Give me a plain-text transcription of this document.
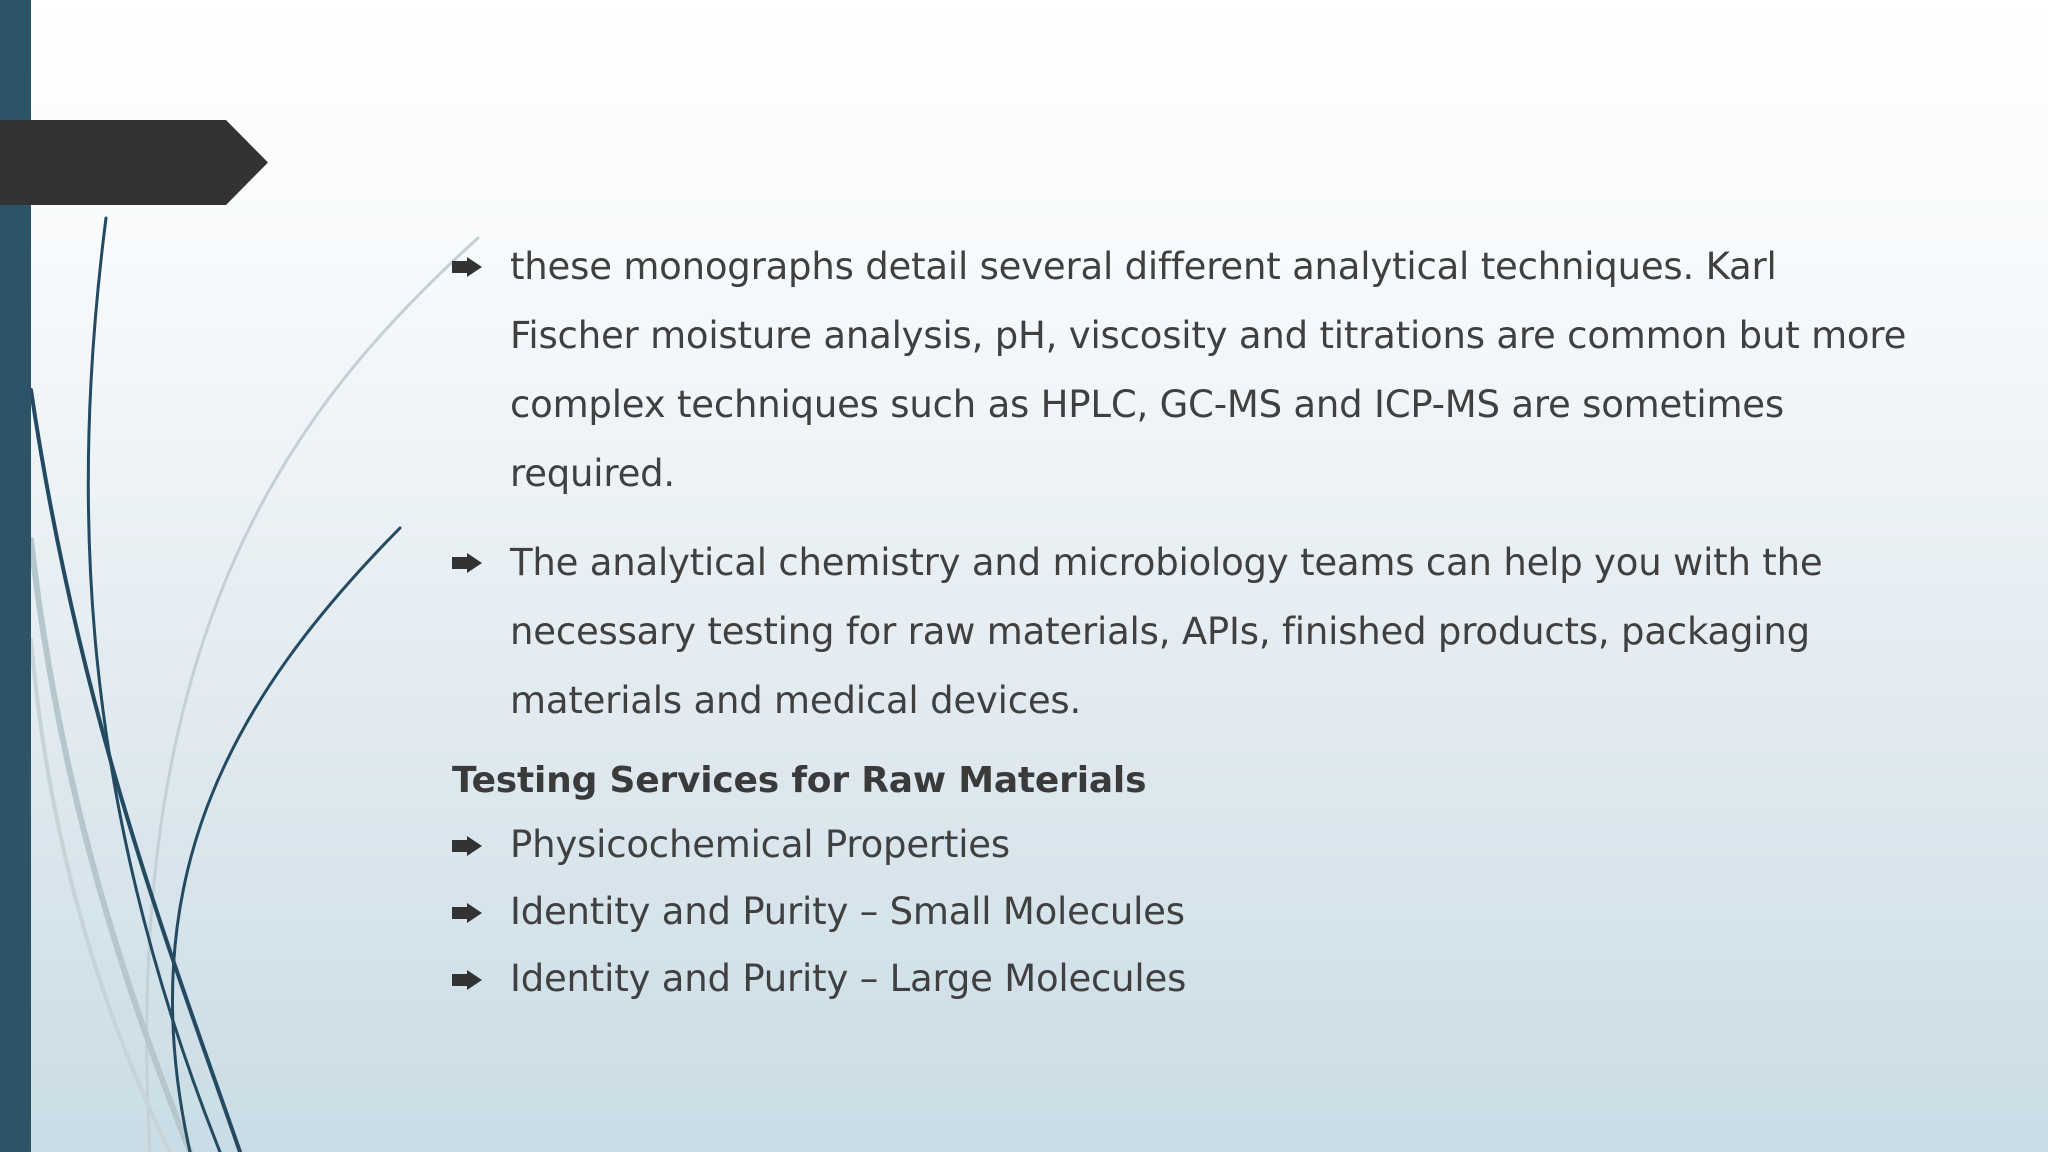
these monographs detail several different analytical techniques. Karl Fischer moisture analysis, pH, viscosity and titrations are common but more complex techniques such as HPLC, GC-MS and ICP-MS are sometimes required.
The analytical chemistry and microbiology teams can help you with the necessary testing for raw materials, APIs, finished products, packaging materials and medical devices.
Testing Services for Raw Materials
Physicochemical Properties
Identity and Purity – Small Molecules
Identity and Purity – Large Molecules
